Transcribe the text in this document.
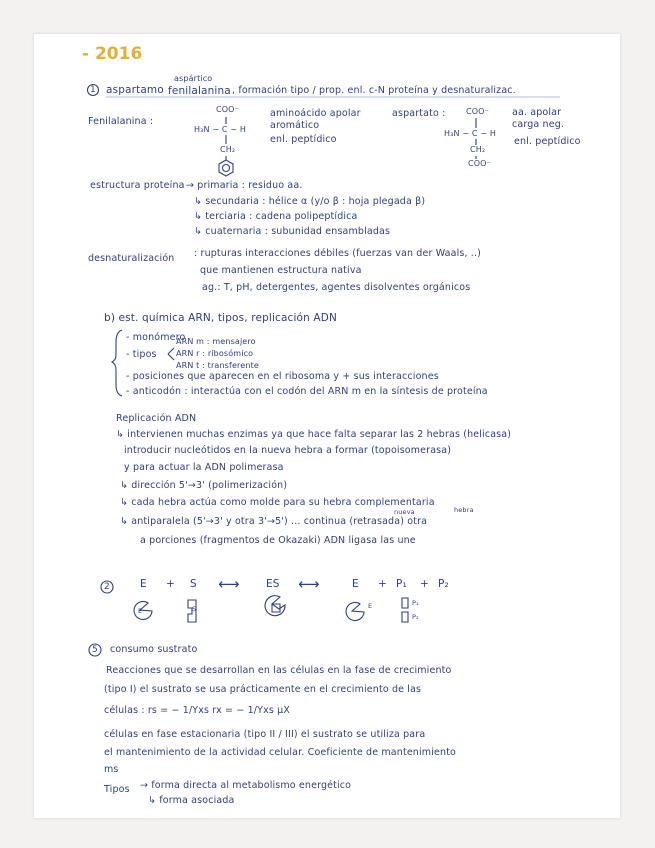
- 2016
1 aspartamo
aspártico
fenilalanina , formación tipo / prop. enl. c-N proteína y desnaturalizac.
Fenilalanina :
COO⁻
H₃N − C − H
CH₂
aminoácido apolar
aromático
enl. peptídico
aspartato :	COO⁻
H₃N − C − H
CH₂
COO⁻
aa. apolar
carga neg.
enl. peptídico
estructura proteína → primaria : residuo aa.
↳ secundaria : hélice α (y/o β : hoja plegada β)
↳ terciaria : cadena polipeptídica
↳ cuaternaria : subunidad ensambladas
desnaturalización : rupturas interacciones débiles (fuerzas van der Waals, ..)
que mantienen estructura nativa
ag.: T, pH, detergentes, agentes disolventes orgánicos
b) est. química ARN, tipos, replicación ADN
- monómero
ARN m : mensajero
- tipos ARN r : ribosómico
ARN t : transferente
- posiciones que aparecen en el ribosoma y + sus interacciones
- anticodón : interactúa con el codón del ARN m en la síntesis de proteína
Replicación ADN
↳ intervienen muchas enzimas ya que hace falta separar las 2 hebras (helicasa)
introducir nucleótidos en la nueva hebra a formar (topoisomerasa)
y para actuar la ADN polimerasa
↳ dirección 5'→3' (polimerización)
↳ cada hebra actúa como molde para su hebra complementaria
nueva	hebra
↳ antiparalela (5'→3' y otra 3'→5') ... continua (retrasada) otra
a porciones (fragmentos de Okazaki) ADN ligasa las une
2	E + S ⟷	ES ⟷	E + P₁ + P₂
E	S	E	P₁
P₂
5 consumo sustrato
Reacciones que se desarrollan en las células en la fase de crecimiento
(tipo I) el sustrato se usa prácticamente en el crecimiento de las
células : rs = − 1/Yxs rx = − 1/Yxs μX
células en fase estacionaria (tipo II / III) el sustrato se utiliza para
el mantenimiento de la actividad celular. Coeficiente de mantenimiento
ms
Tipos → forma directa al metabolismo energético
↳ forma asociada
